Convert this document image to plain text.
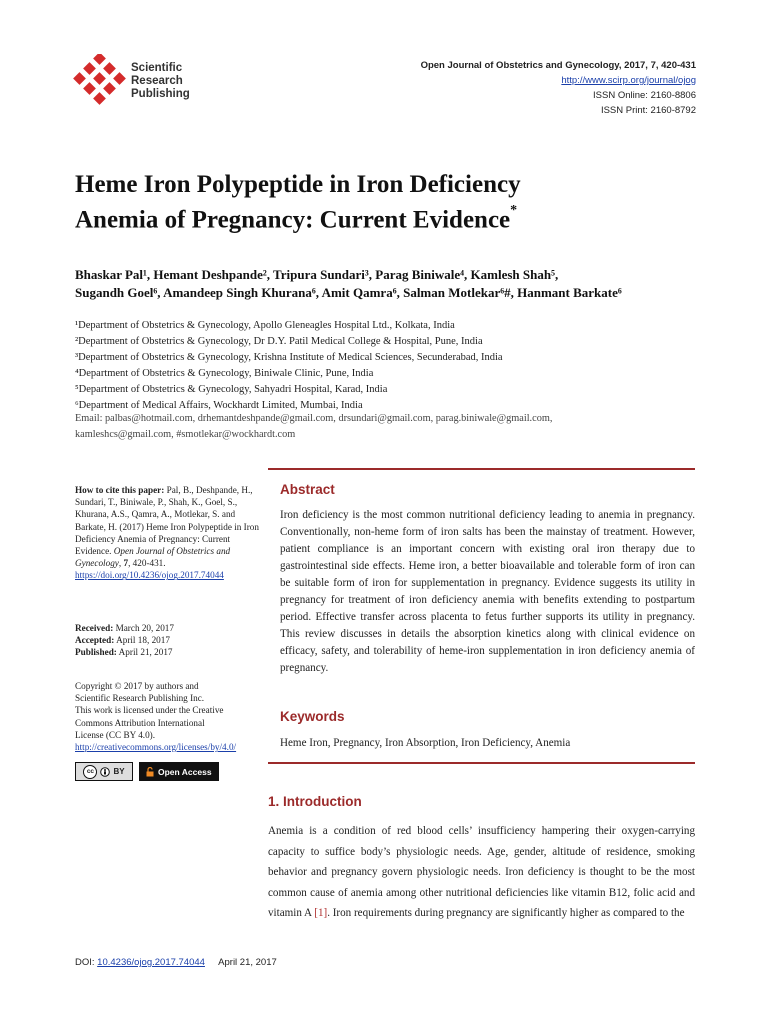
Scientific
Research
Publishing
Open Journal of Obstetrics and Gynecology, 2017, 7, 420-431
http://www.scirp.org/journal/ojog
ISSN Online: 2160-8806
ISSN Print: 2160-8792
Heme Iron Polypeptide in Iron Deficiency
Anemia of Pregnancy: Current Evidence*
Bhaskar Pal¹, Hemant Deshpande², Tripura Sundari³, Parag Biniwale⁴, Kamlesh Shah⁵,
Sugandh Goel⁶, Amandeep Singh Khurana⁶, Amit Qamra⁶, Salman Motlekar⁶#, Hanmant Barkate⁶
¹Department of Obstetrics & Gynecology, Apollo Gleneagles Hospital Ltd., Kolkata, India
²Department of Obstetrics & Gynecology, Dr D.Y. Patil Medical College & Hospital, Pune, India
³Department of Obstetrics & Gynecology, Krishna Institute of Medical Sciences, Secunderabad, India
⁴Department of Obstetrics & Gynecology, Biniwale Clinic, Pune, India
⁵Department of Obstetrics & Gynecology, Sahyadri Hospital, Karad, India
⁶Department of Medical Affairs, Wockhardt Limited, Mumbai, India
Email: palbas@hotmail.com, drhemantdeshpande@gmail.com, drsundari@gmail.com, parag.biniwale@gmail.com,
kamleshcs@gmail.com, #smotlekar@wockhardt.com
How to cite this paper: Pal, B., Deshpande, H., Sundari, T., Biniwale, P., Shah, K., Goel, S., Khurana, A.S., Qamra, A., Motlekar, S. and Barkate, H. (2017) Heme Iron Polypeptide in Iron Deficiency Anemia of Pregnancy: Current Evidence. Open Journal of Obstetrics and Gynecology, 7, 420-431.
https://doi.org/10.4236/ojog.2017.74044
Received: March 20, 2017
Accepted: April 18, 2017
Published: April 21, 2017
Copyright © 2017 by authors and
Scientific Research Publishing Inc.
This work is licensed under the Creative
Commons Attribution International
License (CC BY 4.0).
http://creativecommons.org/licenses/by/4.0/
cc	BY	Open Access
Abstract
Iron deficiency is the most common nutritional deficiency leading to anemia in pregnancy. Conventionally, non-heme form of iron salts has been the mainstay of treatment. However, patient compliance is an important concern with existing oral iron therapy due to gastrointestinal side effects. Heme iron, a better bioavailable and tolerable form of iron can be suitable form of iron for supplementation in pregnancy. Evidence suggests its utility in pregnancy for treatment of iron deficiency anemia with benefits extending to postpartum period. Effective transfer across placenta to fetus further supports its utility in pregnancy. This review discusses in details the absorption kinetics along with clinical evidence on efficacy, safety, and tolerability of heme-iron supplementation in iron deficiency anemia of pregnancy.
Keywords
Heme Iron, Pregnancy, Iron Absorption, Iron Deficiency, Anemia
1. Introduction
Anemia is a condition of red blood cells’ insufficiency hampering their oxygen-carrying capacity to suffice body’s physiologic needs. Age, gender, altitude of residence, smoking behavior and pregnancy govern physiologic needs. Iron deficiency is thought to be the most common cause of anemia among other nutritional deficiencies like vitamin B12, folic acid and vitamin A [1]. Iron requirements during pregnancy are significantly higher as compared to the
DOI: 10.4236/ojog.2017.74044 April 21, 2017
